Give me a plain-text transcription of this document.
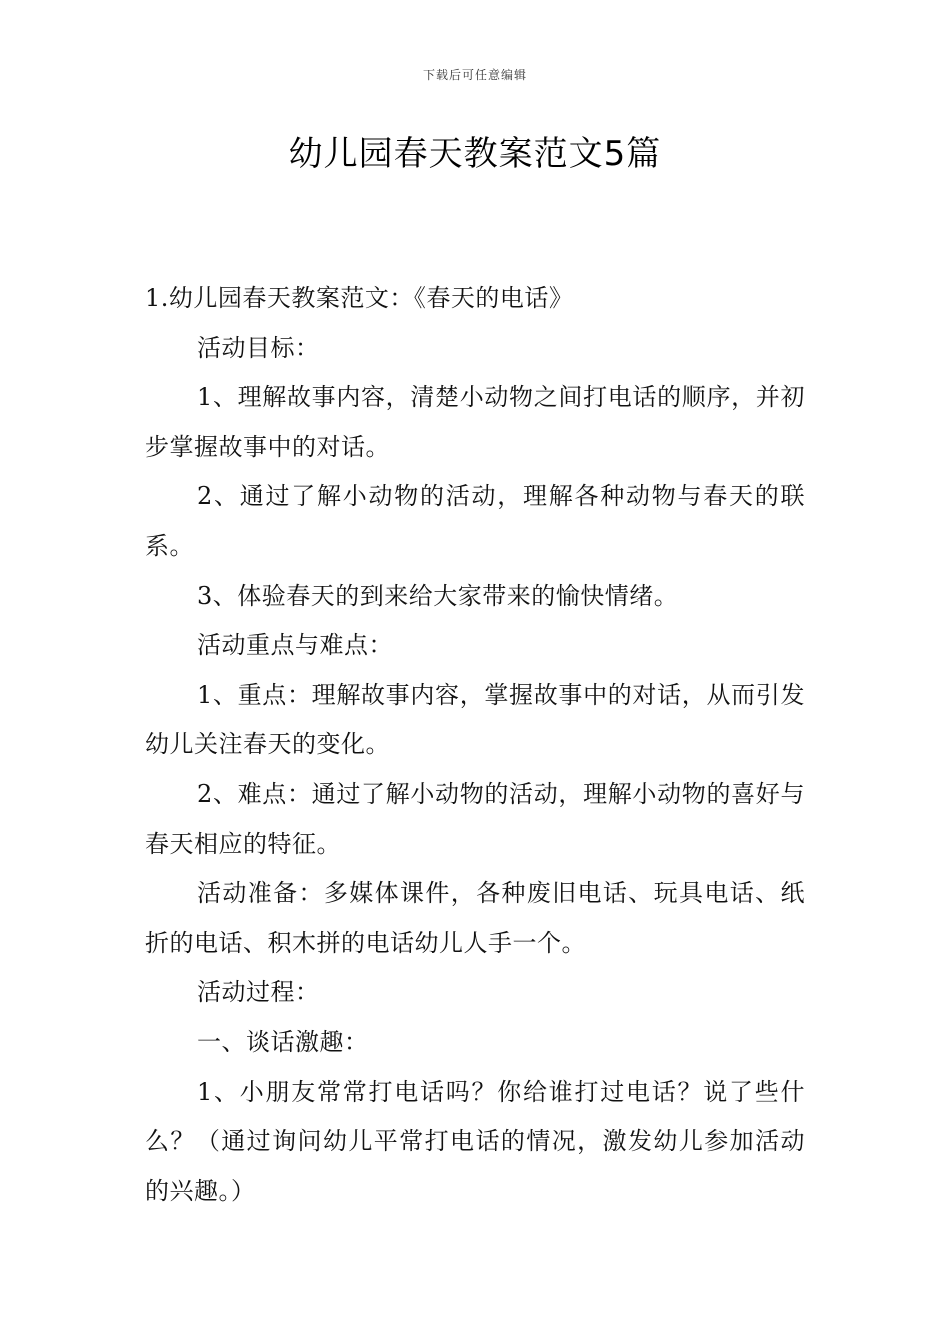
下载后可任意编辑
幼儿园春天教案范文5篇

1.幼儿园春天教案范文：《春天的电话》

活动目标：

1、理解故事内容，清楚小动物之间打电话的顺序，并初步掌握故事中的对话。

2、通过了解小动物的活动，理解各种动物与春天的联系。

3、体验春天的到来给大家带来的愉快情绪。

活动重点与难点：

1、重点：理解故事内容，掌握故事中的对话，从而引发幼儿关注春天的变化。

2、难点：通过了解小动物的活动，理解小动物的喜好与春天相应的特征。

活动准备：多媒体课件，各种废旧电话、玩具电话、纸折的电话、积木拼的电话幼儿人手一个。

活动过程：

一、谈话激趣：

1、小朋友常常打电话吗？你给谁打过电话？说了些什么？（通过询问幼儿平常打电话的情况，激发幼儿参加活动的兴趣。）
